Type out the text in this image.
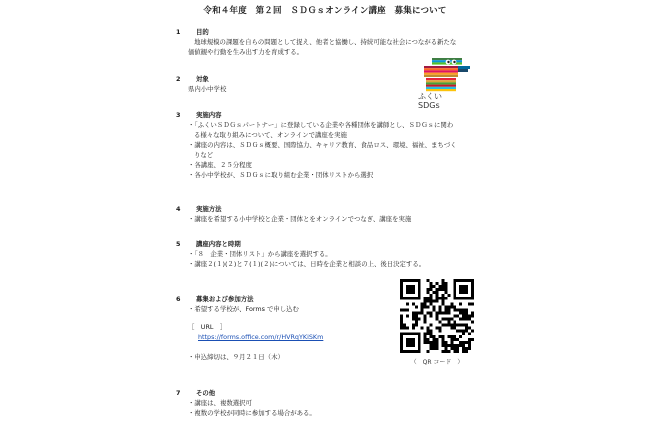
令和４年度　第２回　ＳＤＧｓオンライン講座　募集について
1	目的
地球規模の課題を自らの問題として捉え、他者と協働し、持続可能な社会につながる新たな
価値観や行動を生み出す力を育成する。
2	対象
県内小中学校
3	実施内容
・「ふくいＳＤＧｓパートナー」に登録している企業や各種団体を講師とし、ＳＤＧｓに関わ
る様々な取り組みについて、オンラインで講座を実施
・講座の内容は、ＳＤＧｓ概要、国際協力、キャリア教育、食品ロス、環境、福祉、まちづく
りなど
・各講座、２５分程度
・各小中学校が、ＳＤＧｓに取り組む企業・団体リストから選択
4	実施方法
・講座を希望する小中学校と企業・団体とをオンラインでつなぎ、講座を実施
5	講座内容と時期
・「８　企業・団体リスト」から講座を選択する。
・講座２(１)(２)と７(１)(２)については、日時を企業と相談の上、後日決定する。
6	募集および参加方法
・希望する学校が、Forms で申し込む
［　URL　］
https://forms.office.com/r/HVRqYKiSKm
・申込締切は、９月２１日（木）
7	その他
・講座は、複数選択可
・複数の学校が同時に参加する場合がある。
ふくい
SDGs
（　QR コード　）
